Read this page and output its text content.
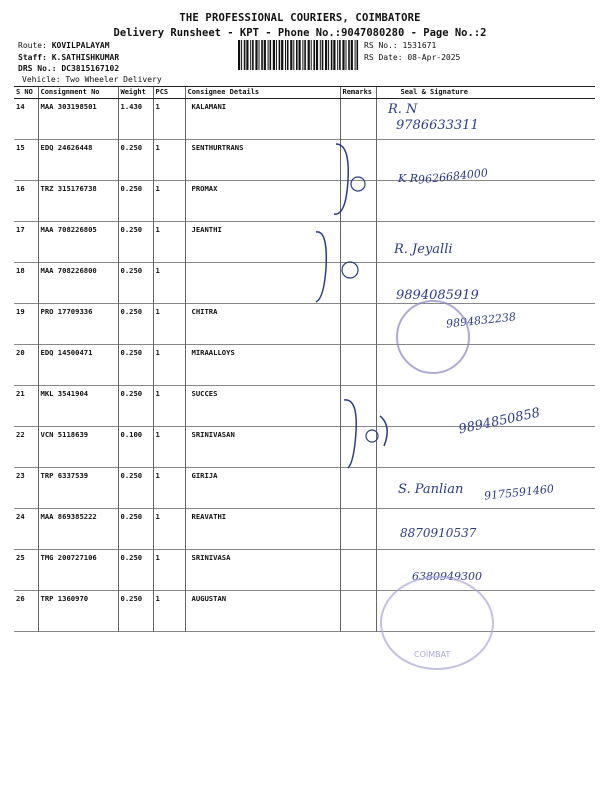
THE PROFESSIONAL COURIERS, COIMBATORE
Delivery Runsheet - KPT - Phone No.:9047080280 - Page No.:2
Route: KOVILPALAYAM
Staff: K.SATHISHKUMAR
DRS No.: DC3815167102
Vehicle: Two Wheeler Delivery
RS No.: 1531671
RS Date: 08-Apr-2025
S NO	Consignment No	Weight	PCS	Consignee Details	Remarks	Seal & Signature
14	MAA 303198501	1.430	1	KALAMANI		
15	EDQ 24626448	0.250	1	SENTHURTRANS		
16	TRZ 315176738	0.250	1	PROMAX		
17	MAA 708226805	0.250	1	JEANTHI		
18	MAA 708226800	0.250	1			
19	PRO 17709336	0.250	1	CHITRA		
20	EDQ 14500471	0.250	1	MIRAALLOYS		
21	MKL 3541904	0.250	1	SUCCES		
22	VCN 5118639	0.100	1	SRINIVASAN		
23	TRP 6337539	0.250	1	GIRIJA		
24	MAA 869385222	0.250	1	REAVATHI		
25	TMG 200727106	0.250	1	SRINIVASA		
26	TRP 1360970	0.250	1	AUGUSTAN		
R. N
9786633311
K R 9626684000
R. Jeyalli
9894085919
9894832238
9894850858
S. Panlian 9175591460
8870910537
6380949300
COIMBAT
